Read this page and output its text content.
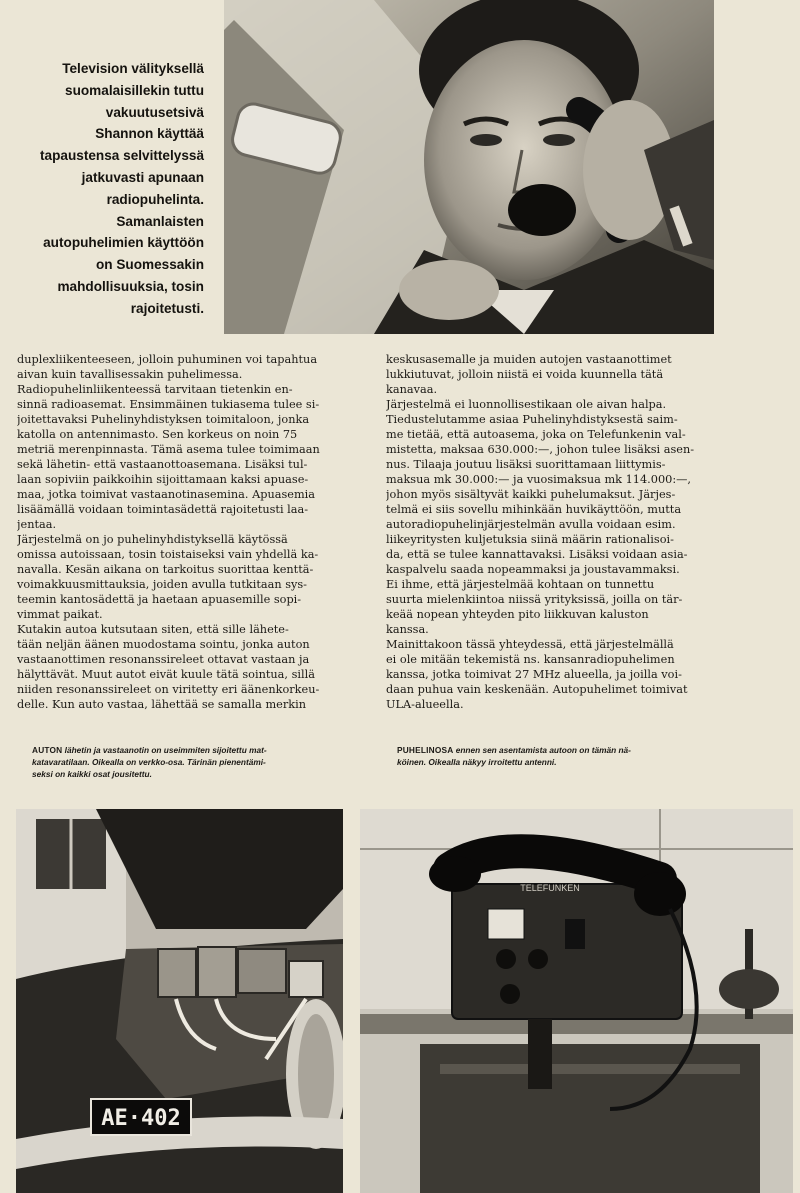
Television välityksellä
suomalaisillekin tuttu
vakuutusetsivä
Shannon käyttää
tapaustensa selvittelyssä
jatkuvasti apunaan
radiopuhelinta.
Samanlaisten
autopuhelimien käyttöön
on Suomessakin
mahdollisuuksia, tosin
rajoitetusti.
duplexliikenteeseen, jolloin puhuminen voi tapahtua
aivan kuin tavallisessakin puhelimessa.
Radiopuhelinliikenteessä tarvitaan tietenkin en-
sinnä radioasemat. Ensimmäinen tukiasema tulee si-
joitettavaksi Puhelinyhdistyksen toimitaloon, jonka
katolla on antennimasto. Sen korkeus on noin 75
metriä merenpinnasta. Tämä asema tulee toimimaan
sekä lähetin- että vastaanottoasemana. Lisäksi tul-
laan sopiviin paikkoihin sijoittamaan kaksi apuase-
maa, jotka toimivat vastaanotinasemina. Apuasemia
lisäämällä voidaan toimintasädettä rajoitetusti laa-
jentaa.
Järjestelmä on jo puhelinyhdistyksellä käytössä
omissa autoissaan, tosin toistaiseksi vain yhdellä ka-
navalla. Kesän aikana on tarkoitus suorittaa kenttä-
voimakkuusmittauksia, joiden avulla tutkitaan sys-
teemin kantosädettä ja haetaan apuasemille sopi-
vimmat paikat.
Kutakin autoa kutsutaan siten, että sille lähete-
tään neljän äänen muodostama sointu, jonka auton
vastaanottimen resonanssireleet ottavat vastaan ja
hälyttävät. Muut autot eivät kuule tätä sointua, sillä
niiden resonanssireleet on viritetty eri äänenkorkeu-
delle. Kun auto vastaa, lähettää se samalla merkin
keskusasemalle ja muiden autojen vastaanottimet
lukkiutuvat, jolloin niistä ei voida kuunnella tätä
kanavaa.
Järjestelmä ei luonnollisestikaan ole aivan halpa.
Tiedustelutamme asiaa Puhelinyhdistyksestä saim-
me tietää, että autoasema, joka on Telefunkenin val-
mistetta, maksaa 630.000:—, johon tulee lisäksi asen-
nus. Tilaaja joutuu lisäksi suorittamaan liittymis-
maksua mk 30.000:— ja vuosimaksua mk 114.000:—,
johon myös sisältyvät kaikki puhelumaksut. Järjes-
telmä ei siis sovellu mihinkään huvikäyttöön, mutta
autoradiopuhelinjärjestelmän avulla voidaan esim.
liikeyritysten kuljetuksia siinä määrin rationalisoi-
da, että se tulee kannattavaksi. Lisäksi voidaan asia-
kaspalvelu saada nopeammaksi ja joustavammaksi.
Ei ihme, että järjestelmää kohtaan on tunnettu
suurta mielenkiintoa niissä yrityksissä, joilla on tär-
keää nopean yhteyden pito liikkuvan kaluston
kanssa.
Mainittakoon tässä yhteydessä, että järjestelmällä
ei ole mitään tekemistä ns. kansanradiopuhelimen
kanssa, jotka toimivat 27 MHz alueella, ja joilla voi-
daan puhua vain keskenään. Autopuhelimet toimivat
ULA-alueella.
AUTON lähetin ja vastaanotin on useimmiten sijoitettu mat-
katavaratilaan. Oikealla on verkko-osa. Tärinän pienentämi-
seksi on kaikki osat jousitettu.
PUHELINOSA ennen sen asentamista autoon on tämän nä-
köinen. Oikealla näkyy irroitettu antenni.
AE·402
TELEFUNKEN
